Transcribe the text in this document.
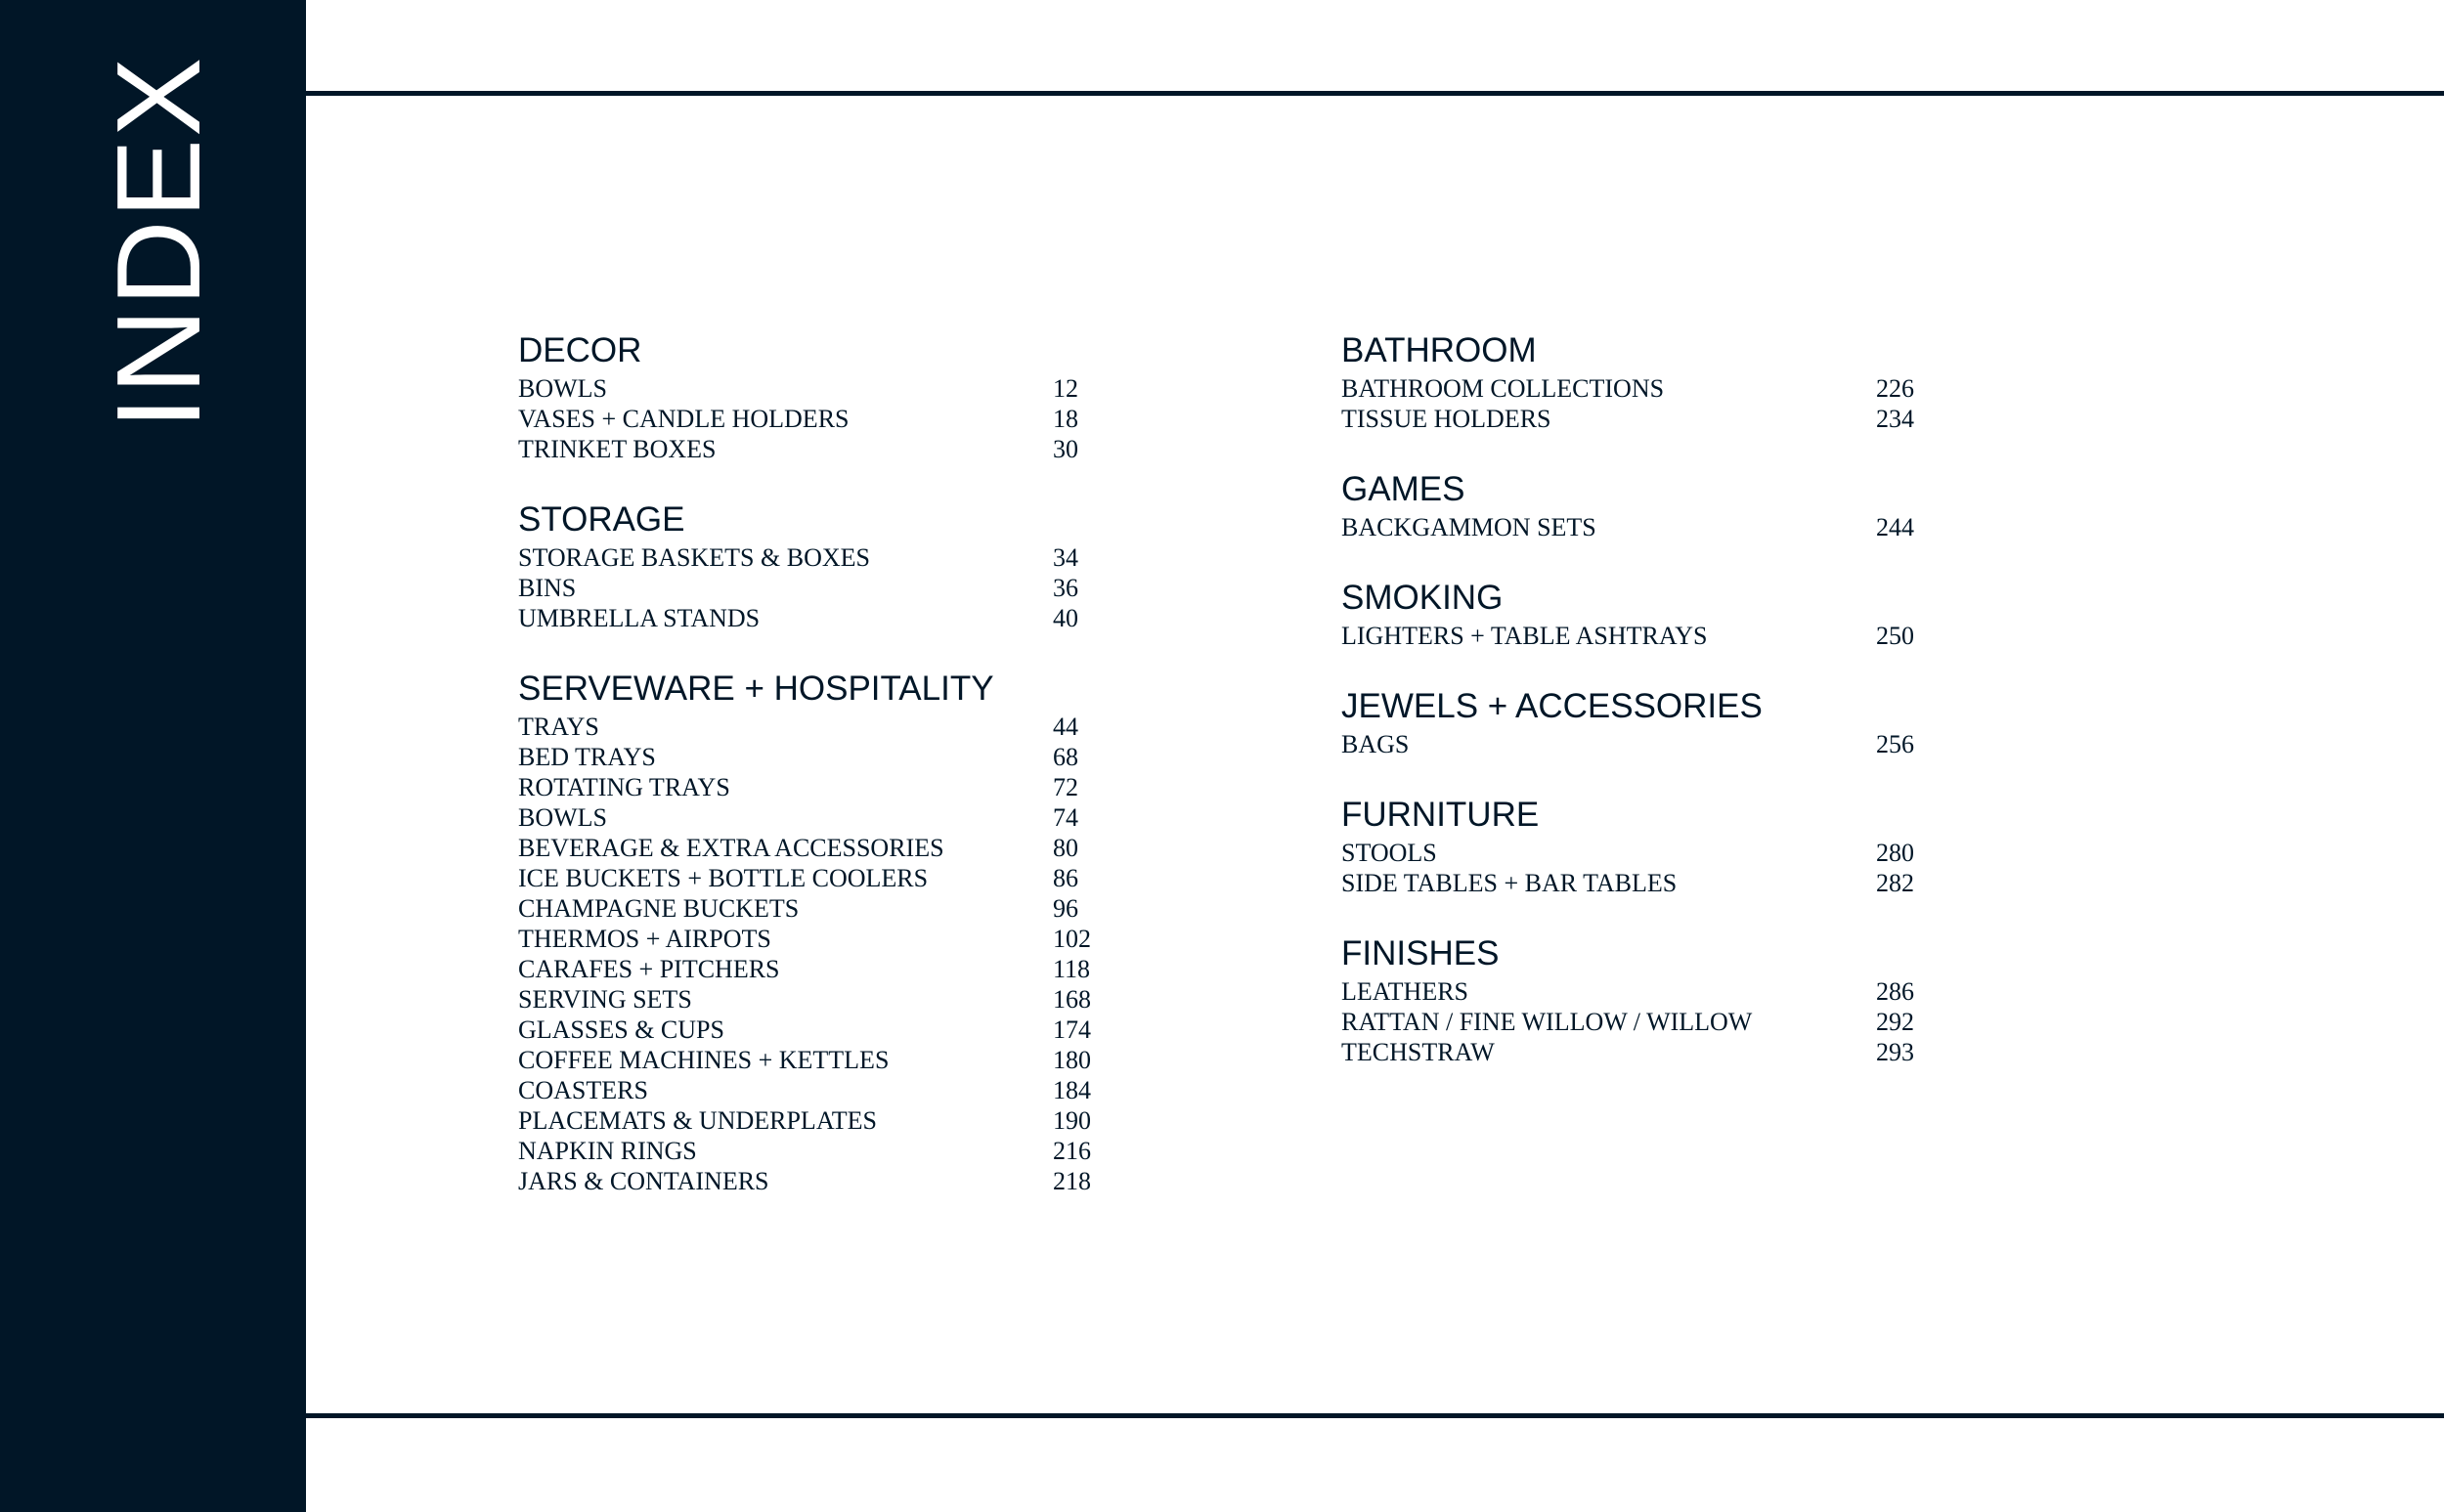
INDEX	DECOR
BOWLS	12
VASES + CANDLE HOLDERS	18
TRINKET BOXES	30
STORAGE
STORAGE BASKETS & BOXES	34
BINS	36
UMBRELLA STANDS	40
SERVEWARE + HOSPITALITY
TRAYS	44
BED TRAYS	68
ROTATING TRAYS	72
BOWLS	74
BEVERAGE & EXTRA ACCESSORIES	80
ICE BUCKETS + BOTTLE COOLERS	86
CHAMPAGNE BUCKETS	96
THERMOS + AIRPOTS	102
CARAFES + PITCHERS	118
SERVING SETS	168
GLASSES & CUPS	174
COFFEE MACHINES + KETTLES	180
COASTERS	184
PLACEMATS & UNDERPLATES	190
NAPKIN RINGS	216
JARS & CONTAINERS	218
BATHROOM
BATHROOM COLLECTIONS	226
TISSUE HOLDERS	234
GAMES
BACKGAMMON SETS	244
SMOKING
LIGHTERS + TABLE ASHTRAYS	250
JEWELS + ACCESSORIES
BAGS	256
FURNITURE
STOOLS	280
SIDE TABLES + BAR TABLES	282
FINISHES
LEATHERS	286
RATTAN / FINE WILLOW / WILLOW	292
TECHSTRAW	293
